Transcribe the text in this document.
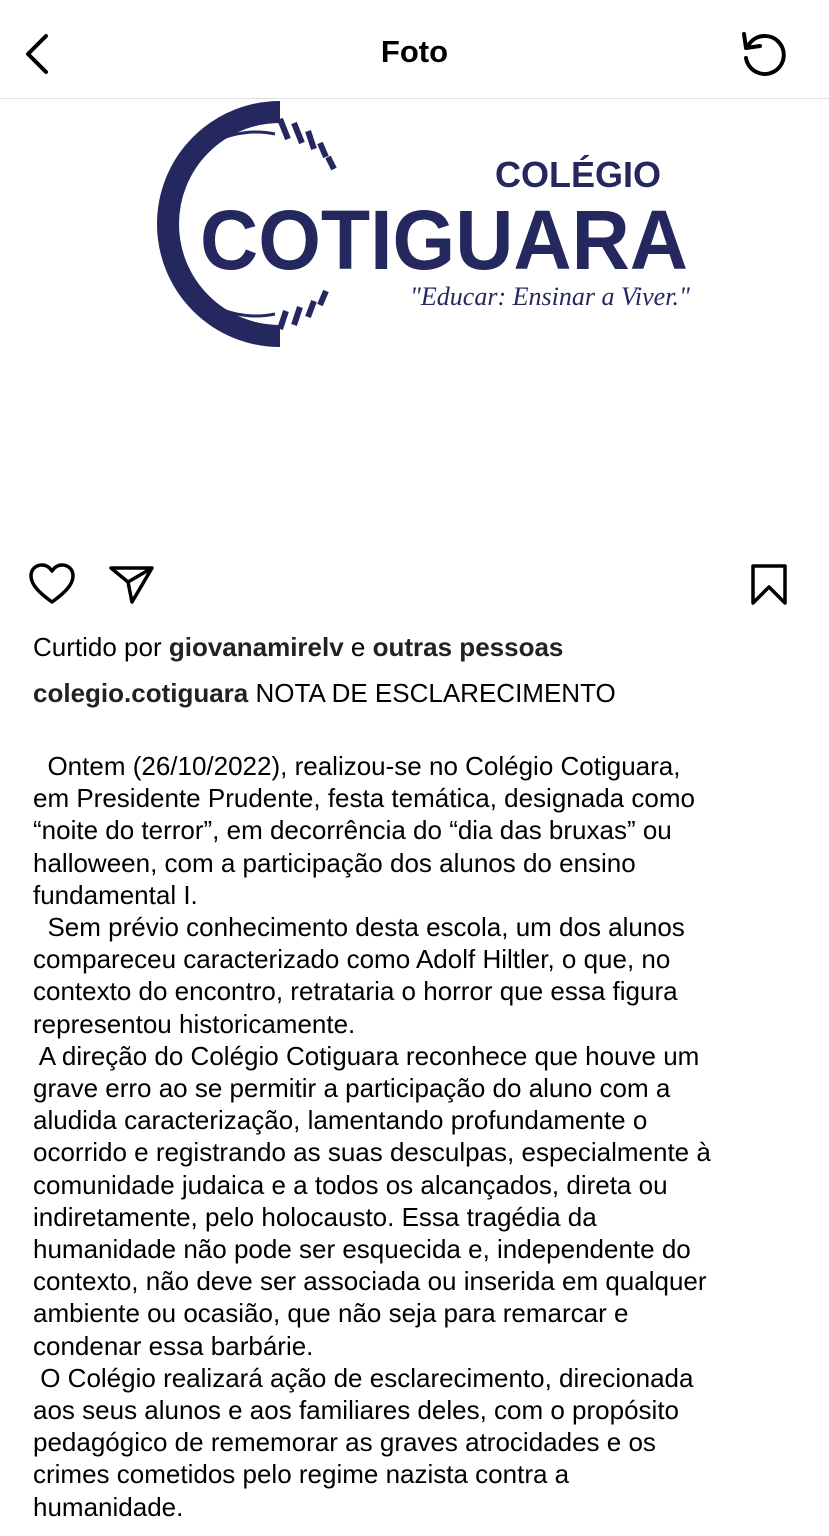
Foto
COLÉGIO
COTIGUARA
"Educar: Ensinar a Viver."
Curtido por giovanamirelv e outras pessoas
colegio.cotiguara NOTA DE ESCLARECIMENTO
Ontem (26/10/2022), realizou-se no Colégio Cotiguara,
em Presidente Prudente, festa temática, designada como
“noite do terror”, em decorrência do “dia das bruxas” ou
halloween, com a participação dos alunos do ensino
fundamental I.
Sem prévio conhecimento desta escola, um dos alunos
compareceu caracterizado como Adolf Hiltler, o que, no
contexto do encontro, retrataria o horror que essa figura
representou historicamente.
A direção do Colégio Cotiguara reconhece que houve um
grave erro ao se permitir a participação do aluno com a
aludida caracterização, lamentando profundamente o
ocorrido e registrando as suas desculpas, especialmente à
comunidade judaica e a todos os alcançados, direta ou
indiretamente, pelo holocausto. Essa tragédia da
humanidade não pode ser esquecida e, independente do
contexto, não deve ser associada ou inserida em qualquer
ambiente ou ocasião, que não seja para remarcar e
condenar essa barbárie.
O Colégio realizará ação de esclarecimento, direcionada
aos seus alunos e aos familiares deles, com o propósito
pedagógico de rememorar as graves atrocidades e os
crimes cometidos pelo regime nazista contra a
humanidade.
